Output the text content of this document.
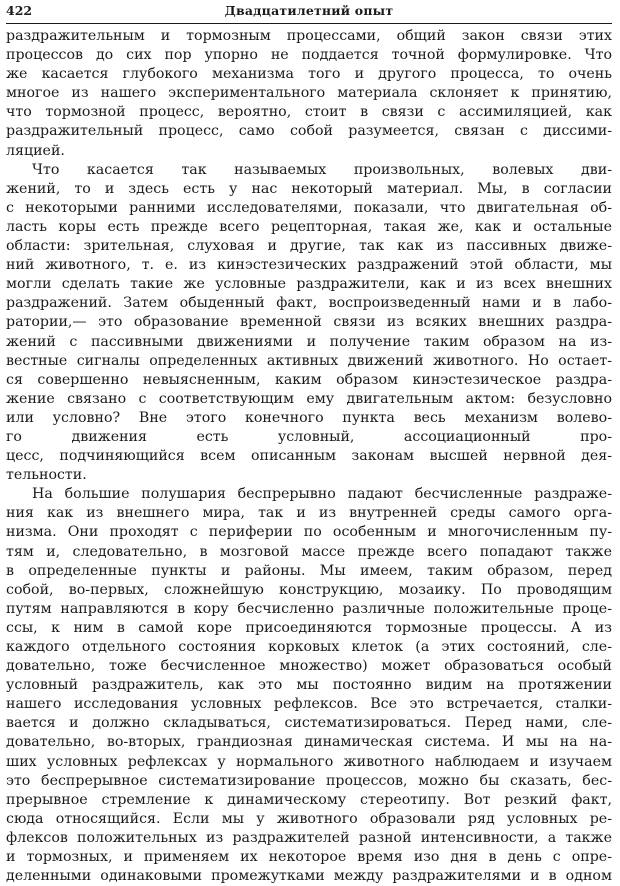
422	Двадцатилетний опыт
раздражительным и тормозным процессами, общий закон связи этих
процессов до сих пор упорно не поддается точной формулировке. Что
же касается глубокого механизма того и другого процесса, то очень
многое из нашего экспериментального материала склоняет к принятию,
что тормозной процесс, вероятно, стоит в связи с ассимиляцией, как
раздражительный процесс, само собой разумеется, связан с диссими-
ляцией.
Что касается так называемых произвольных, волевых дви-
жений, то и здесь есть у нас некоторый материал. Мы, в согласии
с некоторыми ранними исследователями, показали, что двигательная об-
ласть коры есть прежде всего рецепторная, такая же, как и остальные
области: зрительная, слуховая и другие, так как из пассивных движе-
ний животного, т. е. из кинэстезических раздражений этой области, мы
могли сделать такие же условные раздражители, как и из всех внешних
раздражений. Затем обыденный факт, воспроизведенный нами и в лабо-
ратории,— это образование временной связи из всяких внешних раздра-
жений с пассивными движениями и получение таким образом на из-
вестные сигналы определенных активных движений животного. Но остает-
ся совершенно невыясненным, каким образом кинэстезическое раздра-
жение связано с соответствующим ему двигательным актом: безусловно
или условно? Вне этого конечного пункта весь механизм волево-
го движения есть условный, ассоциационный про-
цесс, подчиняющийся всем описанным законам высшей нервной дея-
тельности.
На большие полушария беспрерывно падают бесчисленные раздраже-
ния как из внешнего мира, так и из внутренней среды самого орга-
низма. Они проходят с периферии по особенным и многочисленным пу-
тям и, следовательно, в мозговой массе прежде всего попадают также
в определенные пункты и районы. Мы имеем, таким образом, перед
собой, во-первых, сложнейшую конструкцию, мозаику. По проводящим
путям направляются в кору бесчисленно различные положительные проце-
ссы, к ним в самой коре присоединяются тормозные процессы. А из
каждого отдельного состояния корковых клеток (а этих состояний, сле-
довательно, тоже бесчисленное множество) может образоваться особый
условный раздражитель, как это мы постоянно видим на протяжении
нашего исследования условных рефлексов. Все это встречается, сталки-
вается и должно складываться, систематизироваться. Перед нами, сле-
довательно, во-вторых, грандиозная динамическая система. И мы на на-
ших условных рефлексах у нормального животного наблюдаем и изучаем
это беспрерывное систематизирование процессов, можно бы сказать, бес-
прерывное стремление к динамическому стереотипу. Вот резкий факт,
сюда относящийся. Если мы у животного образовали ряд условных ре-
флексов положительных из раздражителей разной интенсивности, а также
и тормозных, и применяем их некоторое время изо дня в день с опре-
деленными одинаковыми промежутками между раздражителями и в одном
